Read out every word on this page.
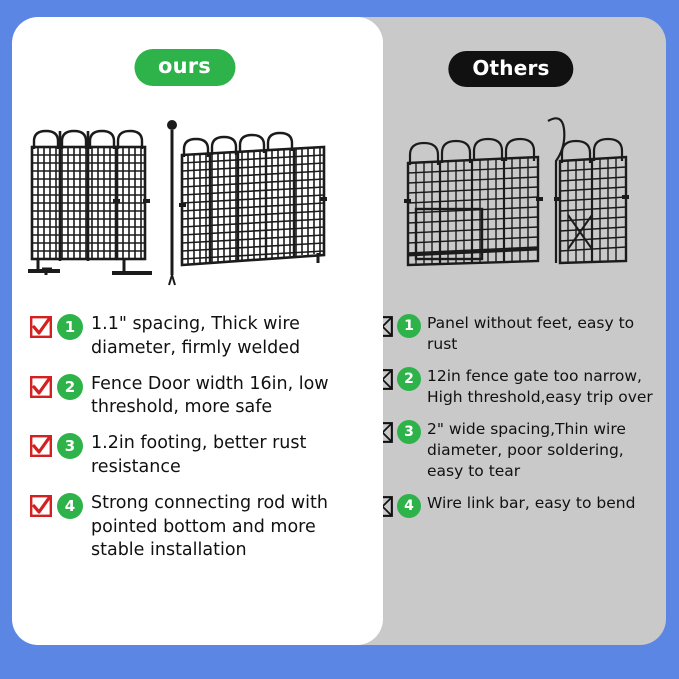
ours
1 1.1" spacing, Thick wire diameter, firmly welded
2 Fence Door width 16in, low threshold, more safe
3 1.2in footing, better rust resistance
4 Strong connecting rod with pointed bottom and more stable installation
Others
1 Panel without feet, easy to rust
2 12in fence gate too narrow, High threshold,easy trip over
3 2" wide spacing,Thin wire diameter, poor soldering, easy to tear
4 Wire link bar, easy to bend
